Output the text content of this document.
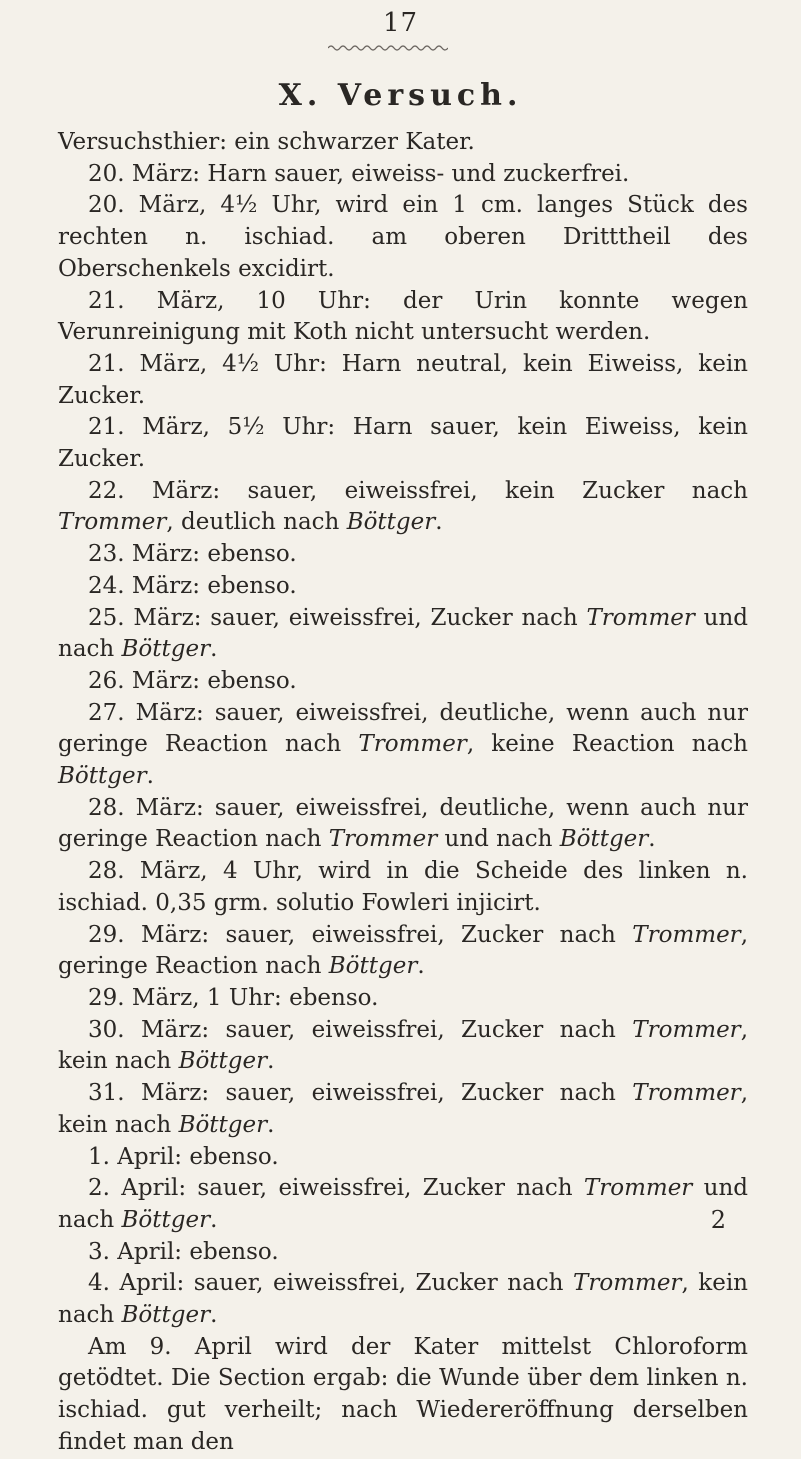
17
X. Versuch.

Versuchsthier: ein schwarzer Kater.

20. März: Harn sauer, eiweiss- und zuckerfrei.

20. März, 4½ Uhr, wird ein 1 cm. langes Stück des rechten n. ischiad. am oberen Dritttheil des Oberschenkels excidirt.

21. März, 10 Uhr: der Urin konnte wegen Verunreinigung mit Koth nicht untersucht werden.

21. März, 4½ Uhr: Harn neutral, kein Eiweiss, kein Zucker.

21. März, 5½ Uhr: Harn sauer, kein Eiweiss, kein Zucker.

22. März: sauer, eiweissfrei, kein Zucker nach Trommer, deutlich nach Böttger.

23. März: ebenso.

24. März: ebenso.

25. März: sauer, eiweissfrei, Zucker nach Trommer und nach Böttger.

26. März: ebenso.

27. März: sauer, eiweissfrei, deutliche, wenn auch nur geringe Reaction nach Trommer, keine Reaction nach Böttger.

28. März: sauer, eiweissfrei, deutliche, wenn auch nur geringe Reaction nach Trommer und nach Böttger.

28. März, 4 Uhr, wird in die Scheide des linken n. ischiad. 0,35 grm. solutio Fowleri injicirt.

29. März: sauer, eiweissfrei, Zucker nach Trommer, geringe Reaction nach Böttger.

29. März, 1 Uhr: ebenso.

30. März: sauer, eiweissfrei, Zucker nach Trommer, kein nach Böttger.

31. März: sauer, eiweissfrei, Zucker nach Trommer, kein nach Böttger.

1. April: ebenso.

2. April: sauer, eiweissfrei, Zucker nach Trommer und nach Böttger.

3. April: ebenso.

4. April: sauer, eiweissfrei, Zucker nach Trommer, kein nach Böttger.

Am 9. April wird der Kater mittelst Chloroform getödtet. Die Section ergab: die Wunde über dem linken n. ischiad. gut verheilt; nach Wiedereröffnung derselben findet man den

2
